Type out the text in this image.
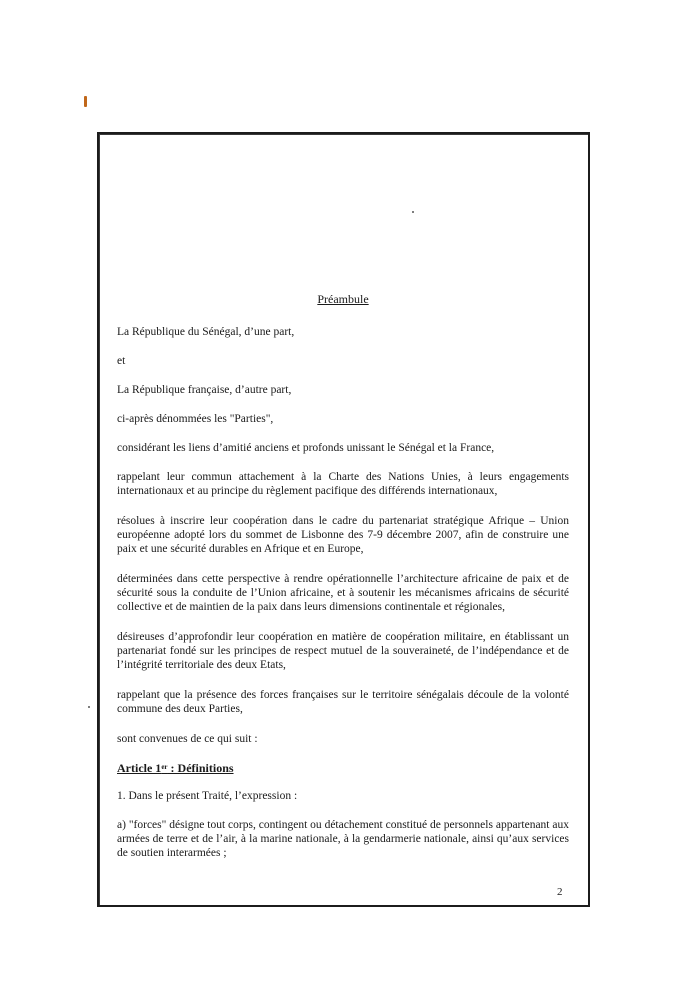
Préambule

La République du Sénégal, d’une part,

et

La République française, d’autre part,

ci-après dénommées les "Parties",

considérant les liens d’amitié anciens et profonds unissant le Sénégal et la France,

rappelant leur commun attachement à la Charte des Nations Unies, à leurs engagements internationaux et au principe du règlement pacifique des différends internationaux,

résolues à inscrire leur coopération dans le cadre du partenariat stratégique Afrique – Union européenne adopté lors du sommet de Lisbonne des 7-9 décembre 2007, afin de construire une paix et une sécurité durables en Afrique et en Europe,

déterminées dans cette perspective à rendre opérationnelle l’architecture africaine de paix et de sécurité sous la conduite de l’Union africaine, et à soutenir les mécanismes africains de sécurité collective et de maintien de la paix dans leurs dimensions continentale et régionales,

désireuses d’approfondir leur coopération en matière de coopération militaire, en établissant un partenariat fondé sur les principes de respect mutuel de la souveraineté, de l’indépendance et de l’intégrité territoriale des deux Etats,

rappelant que la présence des forces françaises sur le territoire sénégalais découle de la volonté commune des deux Parties,

sont convenues de ce qui suit :

Article 1er : Définitions

1. Dans le présent Traité, l’expression :

a) "forces" désigne tout corps, contingent ou détachement constitué de personnels appartenant aux armées de terre et de l’air, à la marine nationale, à la gendarmerie nationale, ainsi qu’aux services de soutien interarmées ;

2
